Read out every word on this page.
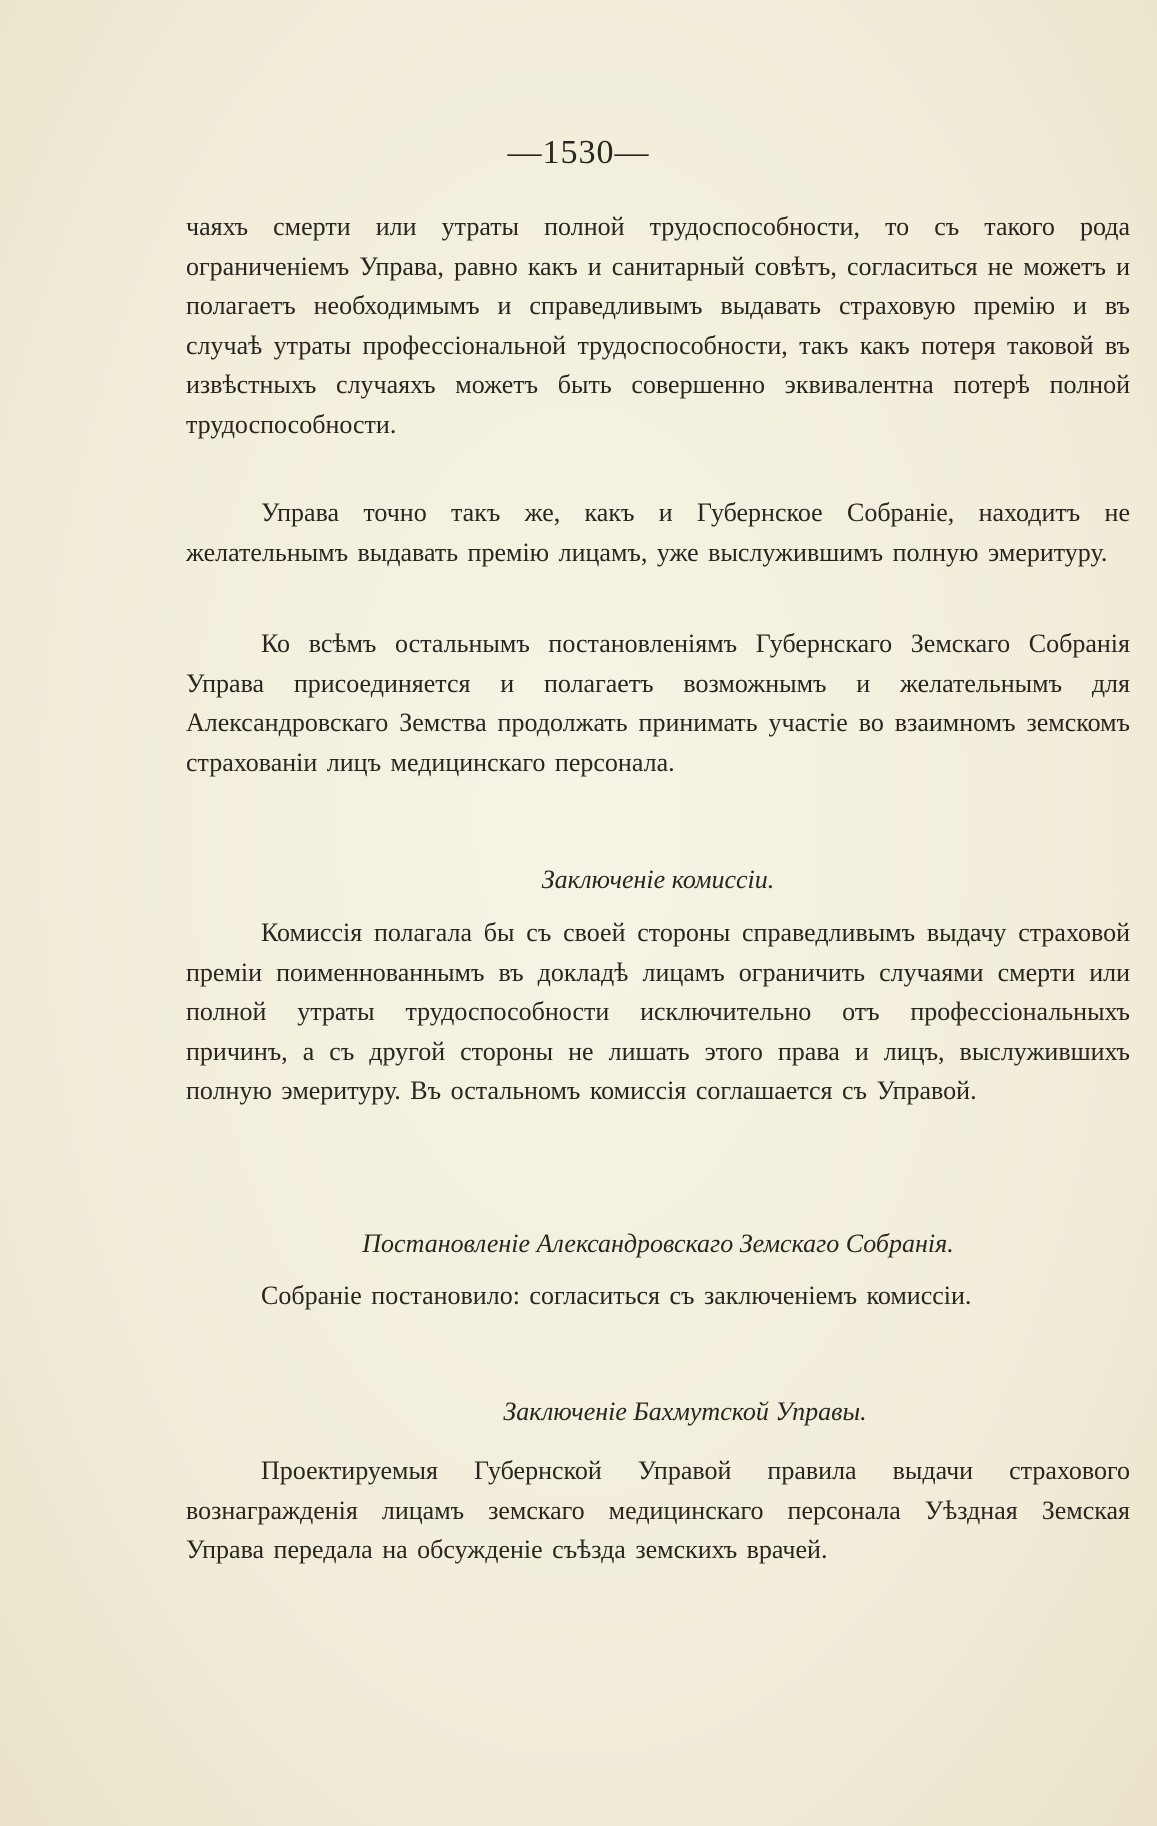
—1530—

чаяхъ смерти или утраты полной трудоспособности, то съ такого рода ограниченіемъ Управа, равно какъ и санитарный совѣтъ, согласиться не можетъ и полагаетъ необходимымъ и справедливымъ выдавать страховую премію и въ случаѣ утраты профессіональной трудоспособности, такъ какъ потеря таковой въ извѣстныхъ случаяхъ можетъ быть совершенно эквивалентна потерѣ полной трудоспособности.

Управа точно такъ же, какъ и Губернское Собраніе, находитъ не желательнымъ выдавать премію лицамъ, уже выслужившимъ полную эмеритуру.

Ко всѣмъ остальнымъ постановленіямъ Губернскаго Земскаго Собранія Управа присоединяется и полагаетъ возможнымъ и желательнымъ для Александровскаго Земства продолжать принимать участіе во взаимномъ земскомъ страхованіи лицъ медицинскаго персонала.

Заключеніе комиссіи.

Комиссія полагала бы съ своей стороны справедливымъ выдачу страховой преміи поименнованнымъ въ докладѣ лицамъ ограничить случаями смерти или полной утраты трудоспособности исключительно отъ профессіональныхъ причинъ, а съ другой стороны не лишать этого права и лицъ, выслужившихъ полную эмеритуру. Въ остальномъ комиссія соглашается съ Управой.

Постановленіе Александровскаго Земскаго Собранія.

Собраніе постановило: согласиться съ заключеніемъ комиссіи.

Заключеніе Бахмутской Управы.

Проектируемыя Губернской Управой правила выдачи страхового вознагражденія лицамъ земскаго медицинскаго персонала Уѣздная Земская Управа передала на обсужденіе съѣзда земскихъ врачей.
